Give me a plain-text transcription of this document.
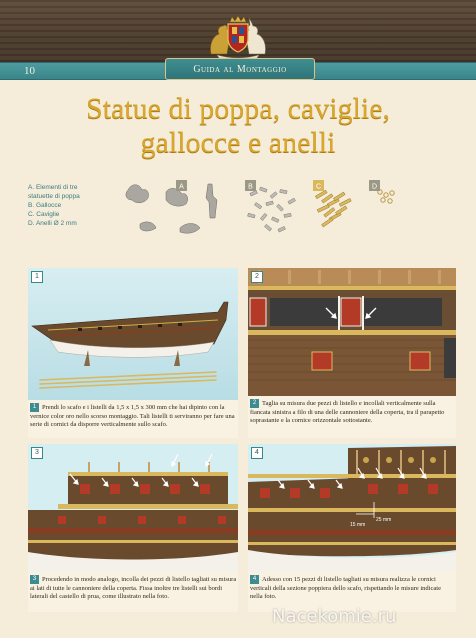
10	Guida al Montaggio
Statue di poppa, caviglie,
gallocce e anelli
A. Elementi di tre
statuette di poppa
B. Gallocce
C. Caviglie
D. Anelli Ø 2 mm
A	B	C	D
1
1 Prendi lo scafo e i listelli da 1,5 x 1,5 x 300 mm che hai dipinto con la vernice color oro nello scorso montaggio. Tali listelli ti serviranno per fare una serie di cornici da disporre verticalmente sullo scafo.
2
2 Taglia su misura due pezzi di listello e incollali verticalmente sulla fiancata sinistra a filo di una delle cannoniere della coperta, tra il parapetto soprastante e la cornice orizzontale sottostante.
3
3 Procedendo in modo analogo, incolla dei pezzi di listello tagliati su misura ai lati di tutte le cannoniere della coperta. Fissa inoltre tre listelli sui bordi laterali del castello di prua, come illustrato nella foto.
25 mm
15 mm
4
4 Adesso con 15 pezzi di listello tagliati su misura realizza le cornici verticali della sezione poppiera dello scafo, rispettando le misure indicate nella foto.
Nacekomie.ru
